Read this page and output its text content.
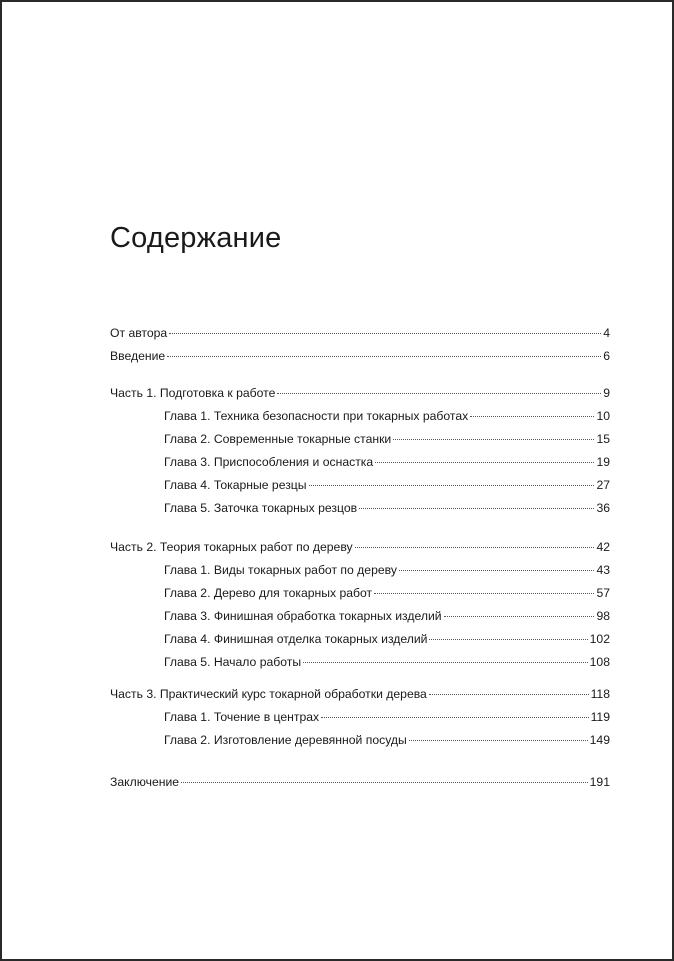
Содержание
От автора	4
Введение	6
Часть 1. Подготовка к работе	9
Глава 1. Техника безопасности при токарных работах	10
Глава 2. Современные токарные станки	15
Глава 3. Приспособления и оснастка	19
Глава 4. Токарные резцы	27
Глава 5. Заточка токарных резцов	36
Часть 2. Теория токарных работ по дереву	42
Глава 1. Виды токарных работ по дереву	43
Глава 2. Дерево для токарных работ	57
Глава 3. Финишная обработка токарных изделий	98
Глава 4. Финишная отделка токарных изделий	102
Глава 5. Начало работы	108
Часть 3. Практический курс токарной обработки дерева	118
Глава 1. Точение в центрах	119
Глава 2. Изготовление деревянной посуды	149
Заключение	191
